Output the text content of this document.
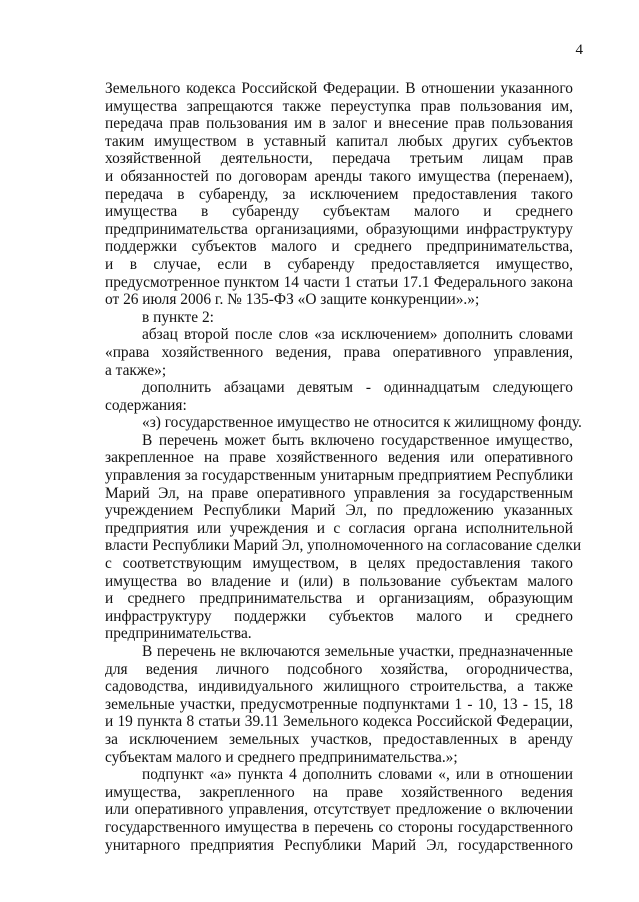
4

Земельного кодекса Российской Федерации. В отношении указанного
имущества запрещаются также переуступка прав пользования им,
передача прав пользования им в залог и внесение прав пользования
таким имуществом в уставный капитал любых других субъектов
хозяйственной деятельности, передача третьим лицам прав
и обязанностей по договорам аренды такого имущества (перенаем),
передача в субаренду, за исключением предоставления такого
имущества в субаренду субъектам малого и среднего
предпринимательства организациями, образующими инфраструктуру
поддержки субъектов малого и среднего предпринимательства,
и в случае, если в субаренду предоставляется имущество,
предусмотренное пунктом 14 части 1 статьи 17.1 Федерального закона
от 26 июля 2006 г. № 135-ФЗ «О защите конкуренции».»;

в пункте 2:

абзац второй после слов «за исключением» дополнить словами
«права хозяйственного ведения, права оперативного управления,
а также»;

дополнить абзацами девятым - одиннадцатым следующего
содержания:

«з) государственное имущество не относится к жилищному фонду.

В перечень может быть включено государственное имущество,
закрепленное на праве хозяйственного ведения или оперативного
управления за государственным унитарным предприятием Республики
Марий Эл, на праве оперативного управления за государственным
учреждением Республики Марий Эл, по предложению указанных
предприятия или учреждения и с согласия органа исполнительной
власти Республики Марий Эл, уполномоченного на согласование сделки
с соответствующим имуществом, в целях предоставления такого
имущества во владение и (или) в пользование субъектам малого
и среднего предпринимательства и организациям, образующим
инфраструктуру поддержки субъектов малого и среднего
предпринимательства.

В перечень не включаются земельные участки, предназначенные
для ведения личного подсобного хозяйства, огородничества,
садоводства, индивидуального жилищного строительства, а также
земельные участки, предусмотренные подпунктами 1 - 10, 13 - 15, 18
и 19 пункта 8 статьи 39.11 Земельного кодекса Российской Федерации,
за исключением земельных участков, предоставленных в аренду
субъектам малого и среднего предпринимательства.»;

подпункт «а» пункта 4 дополнить словами «, или в отношении
имущества, закрепленного на праве хозяйственного ведения
или оперативного управления, отсутствует предложение о включении
государственного имущества в перечень со стороны государственного
унитарного предприятия Республики Марий Эл, государственного
